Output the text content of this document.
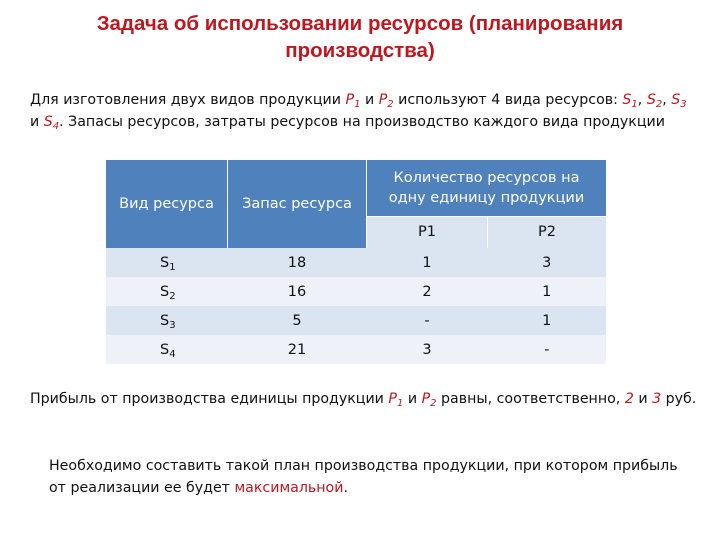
Задача об использовании ресурсов (планирования производства)
Для изготовления двух видов продукции $P_1$ и $P_2$ используют 4 вида ресурсов: $S_1$, $S_2$, $S_3$ и $S_4$. Запасы ресурсов, затраты ресурсов на производство каждого вида продукции
Вид ресурса	Запас ресурса	Количество ресурсов на одну единицу продукции	
		P1	P2
$S_1$	18	1	3
$S_2$	16	2	1
$S_3$	5	-	1
$S_4$	21	3	-
Прибыль от производства единицы продукции $P_1$ и $P_2$ равны, соответственно, 2 и 3 руб.
Необходимо составить такой план производства продукции, при котором прибыль от реализации ее будет максимальной.
